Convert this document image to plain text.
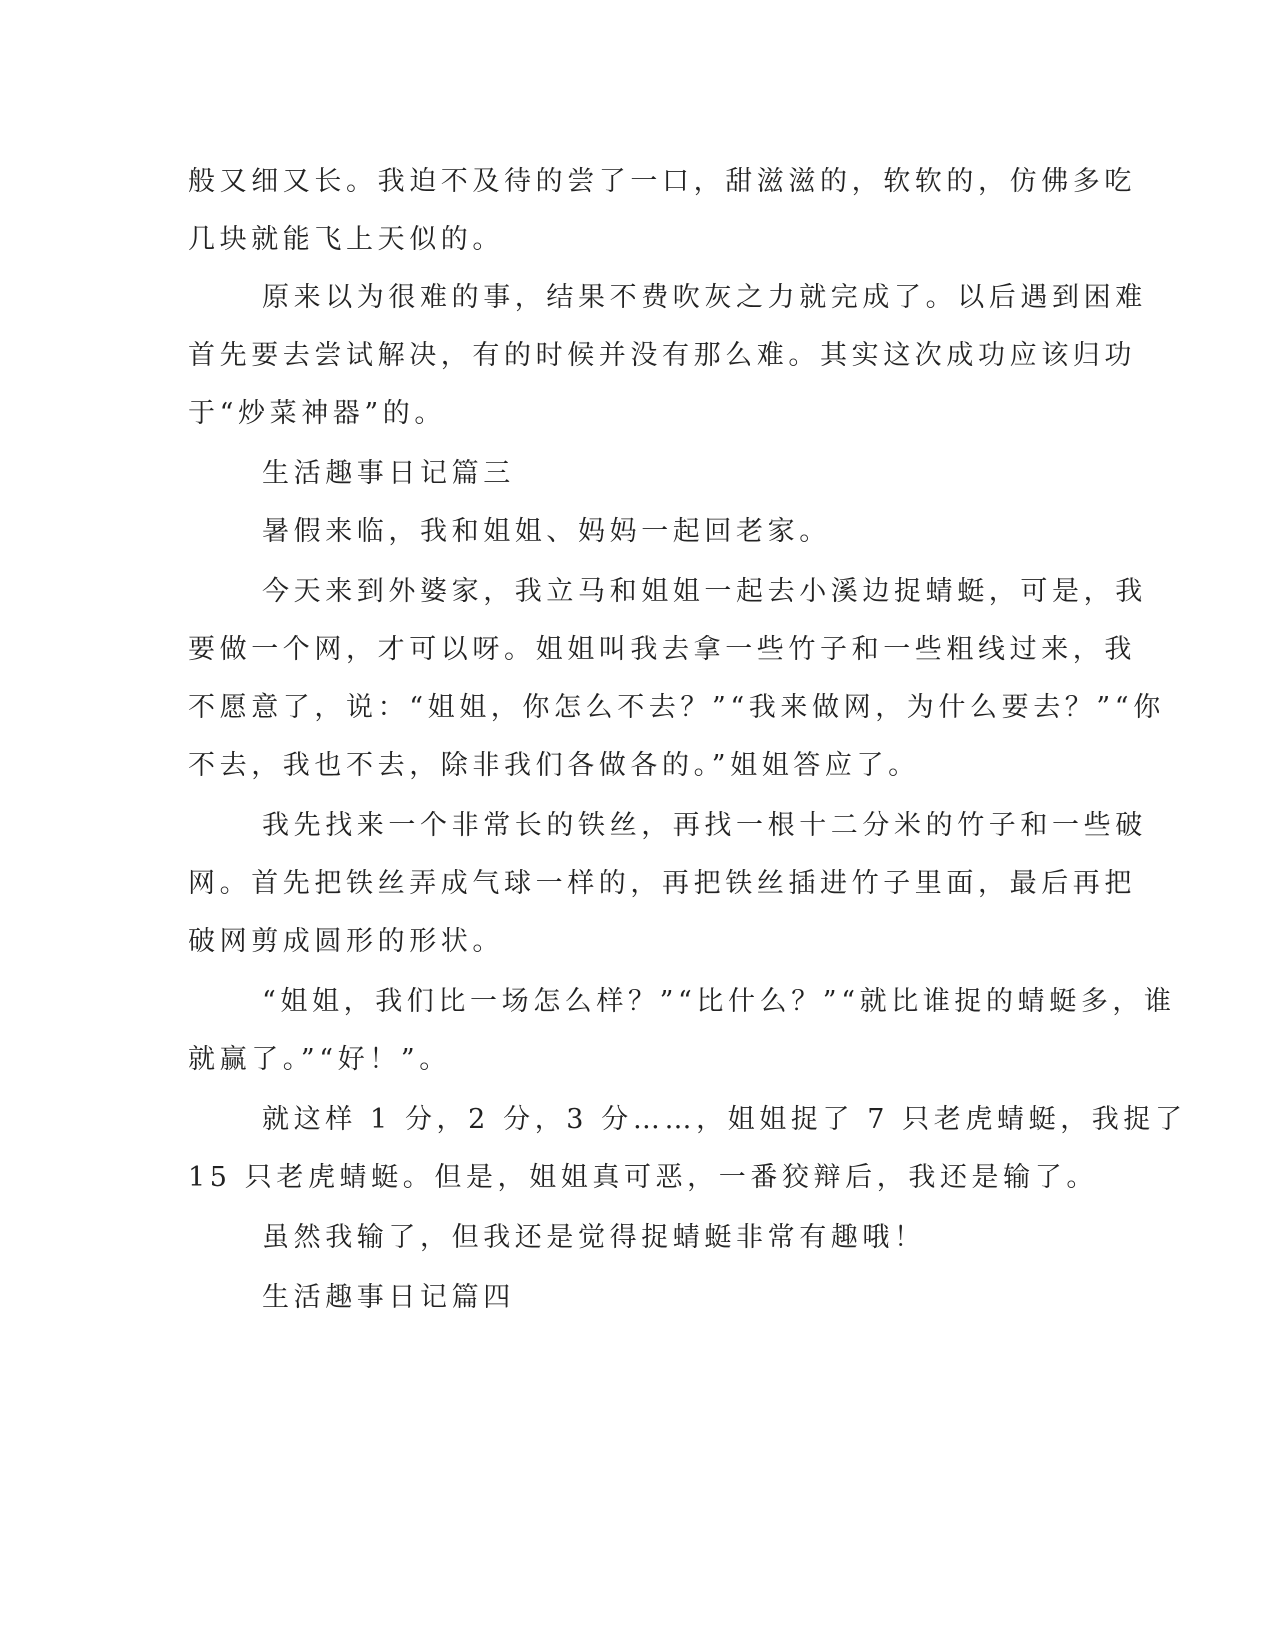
般又细又长。我迫不及待的尝了一口，甜滋滋的，软软的，仿佛多吃
几块就能飞上天似的。
原来以为很难的事，结果不费吹灰之力就完成了。以后遇到困难
首先要去尝试解决，有的时候并没有那么难。其实这次成功应该归功
于“炒菜神器”的。
生活趣事日记篇三
暑假来临，我和姐姐、妈妈一起回老家。
今天来到外婆家，我立马和姐姐一起去小溪边捉蜻蜓，可是，我
要做一个网，才可以呀。姐姐叫我去拿一些竹子和一些粗线过来，我
不愿意了，说：“姐姐，你怎么不去？”“我来做网，为什么要去？”“你
不去，我也不去，除非我们各做各的。”姐姐答应了。
我先找来一个非常长的铁丝，再找一根十二分米的竹子和一些破
网。首先把铁丝弄成气球一样的，再把铁丝插进竹子里面，最后再把
破网剪成圆形的形状。
“姐姐，我们比一场怎么样？”“比什么？”“就比谁捉的蜻蜓多，谁
就赢了。”“好！”。
就这样 1 分，2 分，3 分……，姐姐捉了 7 只老虎蜻蜓，我捉了
15 只老虎蜻蜓。但是，姐姐真可恶，一番狡辩后，我还是输了。
虽然我输了，但我还是觉得捉蜻蜓非常有趣哦！
生活趣事日记篇四
